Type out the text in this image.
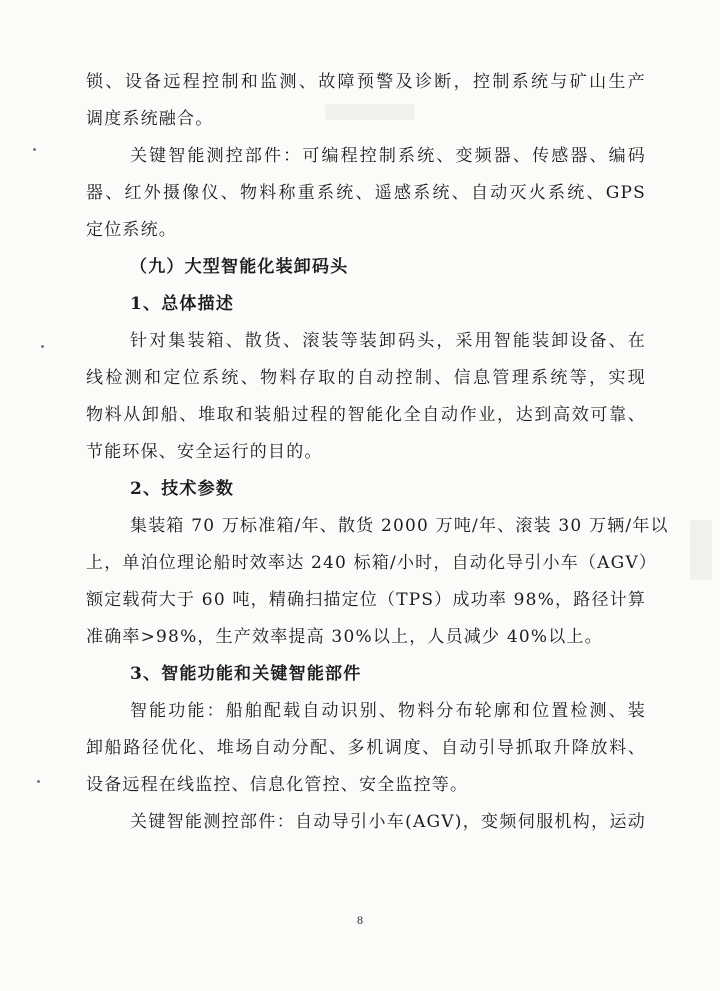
锁、设备远程控制和监测、故障预警及诊断，控制系统与矿山生产
调度系统融合。
关键智能测控部件：可编程控制系统、变频器、传感器、编码
器、红外摄像仪、物料称重系统、遥感系统、自动灭火系统、GPS
定位系统。
（九）大型智能化装卸码头
1、总体描述
针对集装箱、散货、滚装等装卸码头，采用智能装卸设备、在
线检测和定位系统、物料存取的自动控制、信息管理系统等，实现
物料从卸船、堆取和装船过程的智能化全自动作业，达到高效可靠、
节能环保、安全运行的目的。
2、技术参数
集装箱 70 万标准箱/年、散货 2000 万吨/年、滚装 30 万辆/年以
上，单泊位理论船时效率达 240 标箱/小时，自动化导引小车（AGV）
额定载荷大于 60 吨，精确扫描定位（TPS）成功率 98%，路径计算
准确率>98%，生产效率提高 30%以上，人员减少 40%以上。
3、智能功能和关键智能部件
智能功能：船舶配载自动识别、物料分布轮廓和位置检测、装
卸船路径优化、堆场自动分配、多机调度、自动引导抓取升降放料、
设备远程在线监控、信息化管控、安全监控等。
关键智能测控部件：自动导引小车(AGV)，变频伺服机构，运动
8
